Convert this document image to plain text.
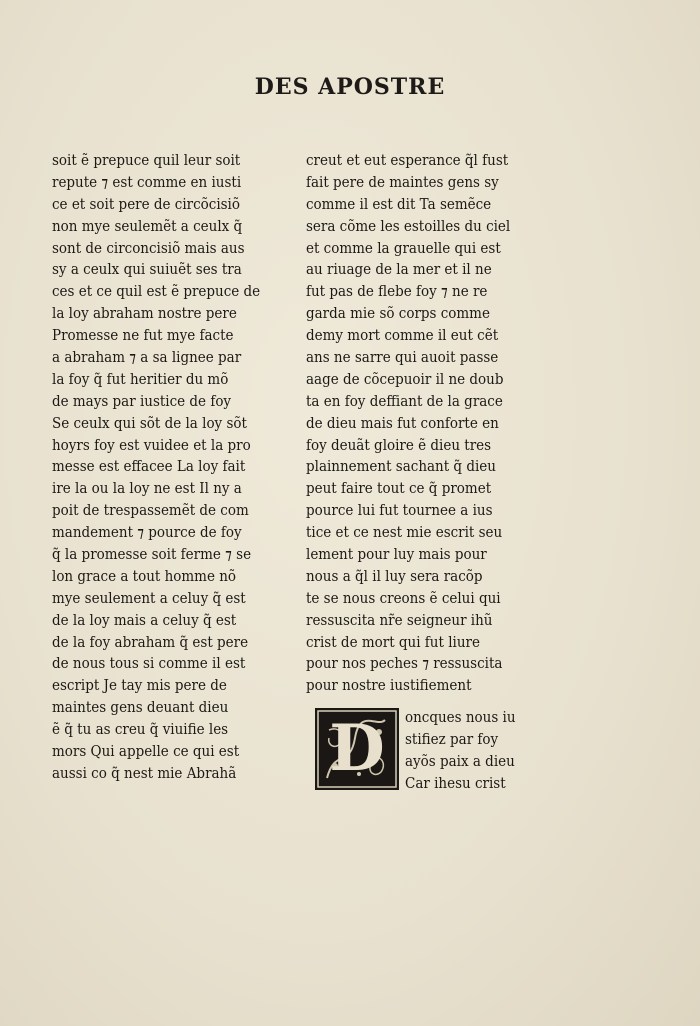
DES APOSTRE
soit ẽ prepuce quil leur soit
repute ⁊ est comme en iusti
ce et soit pere de circõcisiõ
non mye seulemẽt a ceulx q̃
sont de circoncisiõ mais aus
sy a ceulx qui suiuẽt ses tra
ces et ce quil est ẽ prepuce de
la loy abraham nostre pere
Promesse ne fut mye facte
a abraham ⁊ a sa lignee par
la foy q̃ fut heritier du mõ
de mays par iustice de foy
Se ceulx qui sõt de la loy sõt
hoyrs foy est vuidee et la pro
messe est effacee La loy fait
ire la ou la loy ne est Il ny a
poit de trespassemẽt de com
mandement ⁊ pource de foy
q̃ la promesse soit ferme ⁊ se
lon grace a tout homme nõ
mye seulement a celuy q̃ est
de la loy mais a celuy q̃ est
de la foy abraham q̃ est pere
de nous tous si comme il est
escript Je tay mis pere de
maintes gens deuant dieu
ẽ q̃ tu as creu q̃ viuifie les
mors Qui appelle ce qui est
aussi co q̃ nest mie Abrahã
creut et eut esperance q̃l fust
fait pere de maintes gens sy
comme il est dit Ta semẽce
sera cõme les estoilles du ciel
et comme la grauelle qui est
au riuage de la mer et il ne
fut pas de flebe foy ⁊ ne re
garda mie sõ corps comme
demy mort comme il eut cẽt
ans ne sarre qui auoit passe
aage de cõcepuoir il ne doub
ta en foy deffiant de la grace
de dieu mais fut conforte en
foy deuãt gloire ẽ dieu tres
plainnement sachant q̃ dieu
peut faire tout ce q̃ promet
pource lui fut tournee a ius
tice et ce nest mie escrit seu
lement pour luy mais pour
nous a q̃l il luy sera racõp
te se nous creons ẽ celui qui
ressuscita nr̃e seigneur ihũ
crist de mort qui fut liure
pour nos peches ⁊ ressuscita
pour nostre iustifiement
D	oncques nous iu
stifiez par foy
ayõs paix a dieu
Car ihesu crist
